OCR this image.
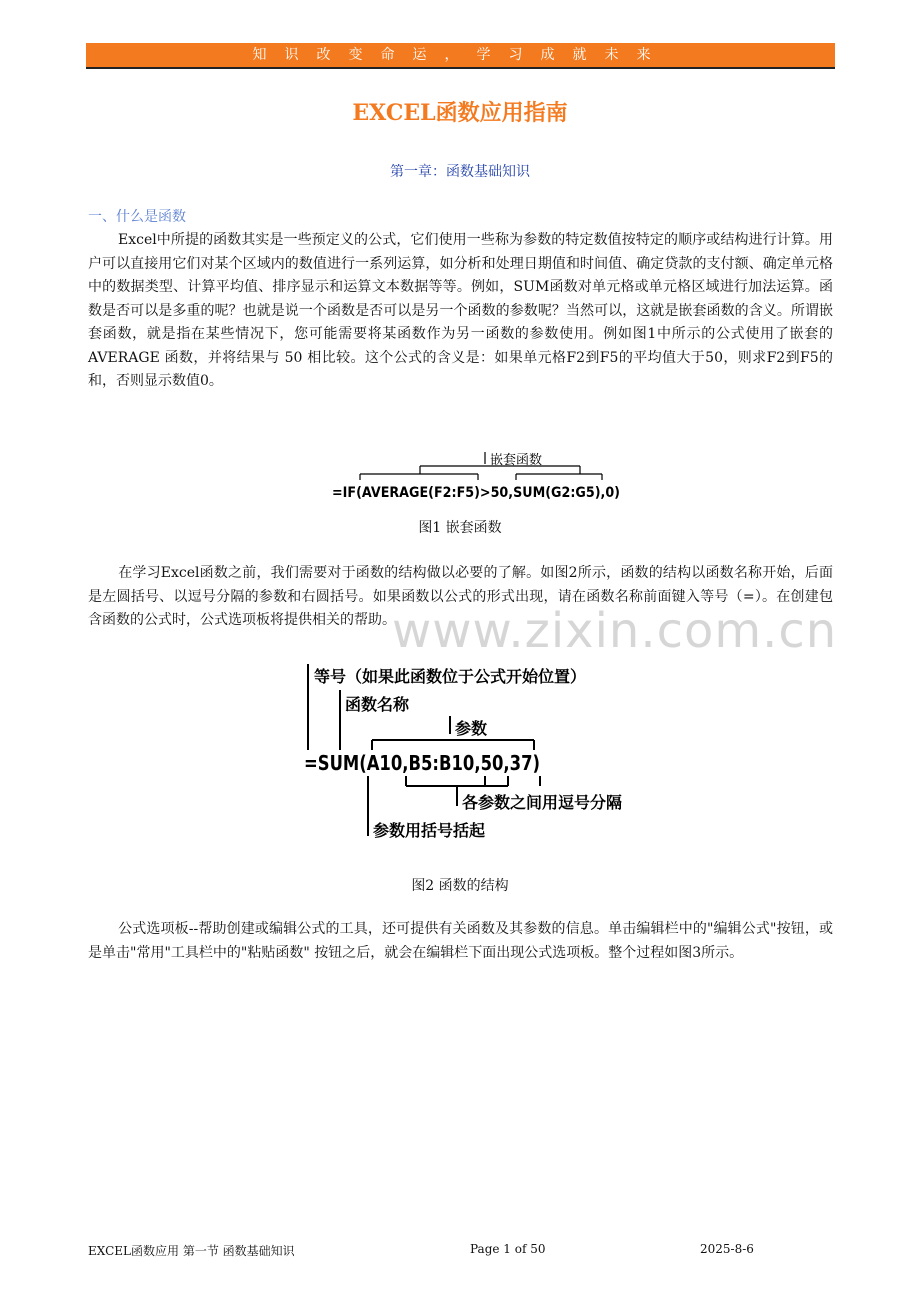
知识改变命运，学习成就未来
EXCEL函数应用指南
第一章：函数基础知识
一、什么是函数

Excel中所提的函数其实是一些预定义的公式，它们使用一些称为参数的特定数值按特定的顺序或结构进行计算。用户可以直接用它们对某个区域内的数值进行一系列运算，如分析和处理日期值和时间值、确定贷款的支付额、确定单元格中的数据类型、计算平均值、排序显示和运算文本数据等等。例如，SUM函数对单元格或单元格区域进行加法运算。函数是否可以是多重的呢？也就是说一个函数是否可以是另一个函数的参数呢？当然可以，这就是嵌套函数的含义。所谓嵌套函数，就是指在某些情况下，您可能需要将某函数作为另一函数的参数使用。例如图1中所示的公式使用了嵌套的 AVERAGE 函数，并将结果与 50 相比较。这个公式的含义是：如果单元格F2到F5的平均值大于50，则求F2到F5的和，否则显示数值0。

嵌套函数
=IF(AVERAGE(F2:F5)>50,SUM(G2:G5),0)
图1 嵌套函数

在学习Excel函数之前，我们需要对于函数的结构做以必要的了解。如图2所示，函数的结构以函数名称开始，后面是左圆括号、以逗号分隔的参数和右圆括号。如果函数以公式的形式出现，请在函数名称前面键入等号（=）。在创建包含函数的公式时，公式选项板将提供相关的帮助。

www.zixin.com.cn
等号（如果此函数位于公式开始位置）
函数名称
参数
=SUM(A10,B5:B10,50,37)
各参数之间用逗号分隔
参数用括号括起
图2 函数的结构

公式选项板--帮助创建或编辑公式的工具，还可提供有关函数及其参数的信息。单击编辑栏中的"编辑公式"按钮，或是单击"常用"工具栏中的"粘贴函数" 按钮之后，就会在编辑栏下面出现公式选项板。整个过程如图3所示。

EXCEL函数应用 第一节 函数基础知识	Page 1 of 50	2025-8-6
